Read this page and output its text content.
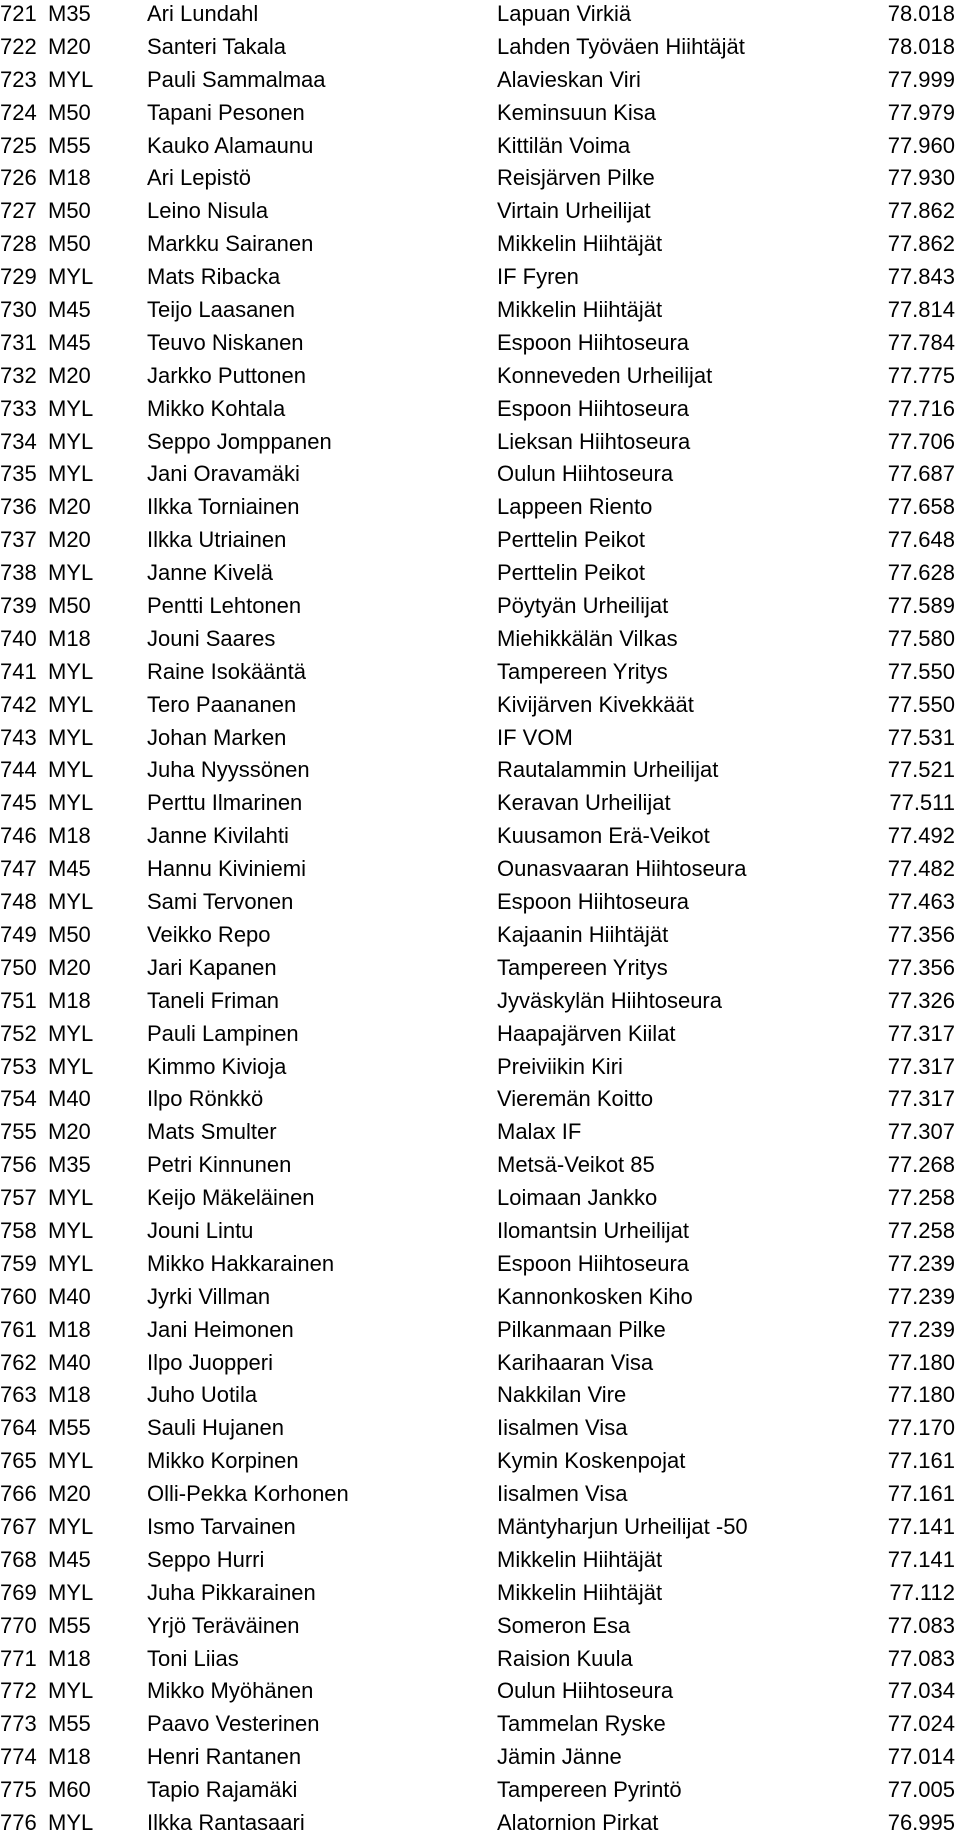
721 M35	Ari Lundahl	Lapuan Virkiä	78.018
722 M20	Santeri Takala	Lahden Työväen Hiihtäjät	78.018
723 MYL Pauli Sammalmaa	Alavieskan Viri	77.999
724 M50	Tapani Pesonen	Keminsuun Kisa	77.979
725 M55	Kauko Alamaunu	Kittilän Voima	77.960
726 M18	Ari Lepistö	Reisjärven Pilke	77.930
727 M50	Leino Nisula	Virtain Urheilijat	77.862
728 M50	Markku Sairanen	Mikkelin Hiihtäjät	77.862
729 MYL Mats Ribacka	IF Fyren	77.843
730 M45	Teijo Laasanen	Mikkelin Hiihtäjät	77.814
731 M45	Teuvo Niskanen	Espoon Hiihtoseura	77.784
732 M20	Jarkko Puttonen	Konneveden Urheilijat	77.775
733 MYL Mikko Kohtala	Espoon Hiihtoseura	77.716
734 MYL Seppo Jomppanen	Lieksan Hiihtoseura	77.706
735 MYL Jani Oravamäki	Oulun Hiihtoseura	77.687
736 M20	Ilkka Torniainen	Lappeen Riento	77.658
737 M20	Ilkka Utriainen	Perttelin Peikot	77.648
738 MYL Janne Kivelä	Perttelin Peikot	77.628
739 M50	Pentti Lehtonen	Pöytyän Urheilijat	77.589
740 M18	Jouni Saares	Miehikkälän Vilkas	77.580
741 MYL Raine Isokääntä	Tampereen Yritys	77.550
742 MYL Tero Paananen	Kivijärven Kivekkäät	77.550
743 MYL Johan Marken	IF VOM	77.531
744 MYL Juha Nyyssönen	Rautalammin Urheilijat	77.521
745 MYL Perttu Ilmarinen	Keravan Urheilijat	77.511
746 M18	Janne Kivilahti	Kuusamon Erä-Veikot	77.492
747 M45	Hannu Kiviniemi	Ounasvaaran Hiihtoseura	77.482
748 MYL Sami Tervonen	Espoon Hiihtoseura	77.463
749 M50	Veikko Repo	Kajaanin Hiihtäjät	77.356
750 M20	Jari Kapanen	Tampereen Yritys	77.356
751 M18	Taneli Friman	Jyväskylän Hiihtoseura	77.326
752 MYL Pauli Lampinen	Haapajärven Kiilat	77.317
753 MYL Kimmo Kivioja	Preiviikin Kiri	77.317
754 M40	Ilpo Rönkkö	Vieremän Koitto	77.317
755 M20	Mats Smulter	Malax IF	77.307
756 M35	Petri Kinnunen	Metsä-Veikot 85	77.268
757 MYL Keijo Mäkeläinen	Loimaan Jankko	77.258
758 MYL Jouni Lintu	Ilomantsin Urheilijat	77.258
759 MYL Mikko Hakkarainen	Espoon Hiihtoseura	77.239
760 M40	Jyrki Villman	Kannonkosken Kiho	77.239
761 M18	Jani Heimonen	Pilkanmaan Pilke	77.239
762 M40	Ilpo Juopperi	Karihaaran Visa	77.180
763 M18	Juho Uotila	Nakkilan Vire	77.180
764 M55	Sauli Hujanen	Iisalmen Visa	77.170
765 MYL Mikko Korpinen	Kymin Koskenpojat	77.161
766 M20	Olli-Pekka Korhonen	Iisalmen Visa	77.161
767 MYL Ismo Tarvainen	Mäntyharjun Urheilijat -50	77.141
768 M45	Seppo Hurri	Mikkelin Hiihtäjät	77.141
769 MYL Juha Pikkarainen	Mikkelin Hiihtäjät	77.112
770 M55	Yrjö Teräväinen	Someron Esa	77.083
771 M18	Toni Liias	Raision Kuula	77.083
772 MYL Mikko Myöhänen	Oulun Hiihtoseura	77.034
773 M55	Paavo Vesterinen	Tammelan Ryske	77.024
774 M18	Henri Rantanen	Jämin Jänne	77.014
775 M60	Tapio Rajamäki	Tampereen Pyrintö	77.005
776 MYL Ilkka Rantasaari	Alatornion Pirkat	76.995
